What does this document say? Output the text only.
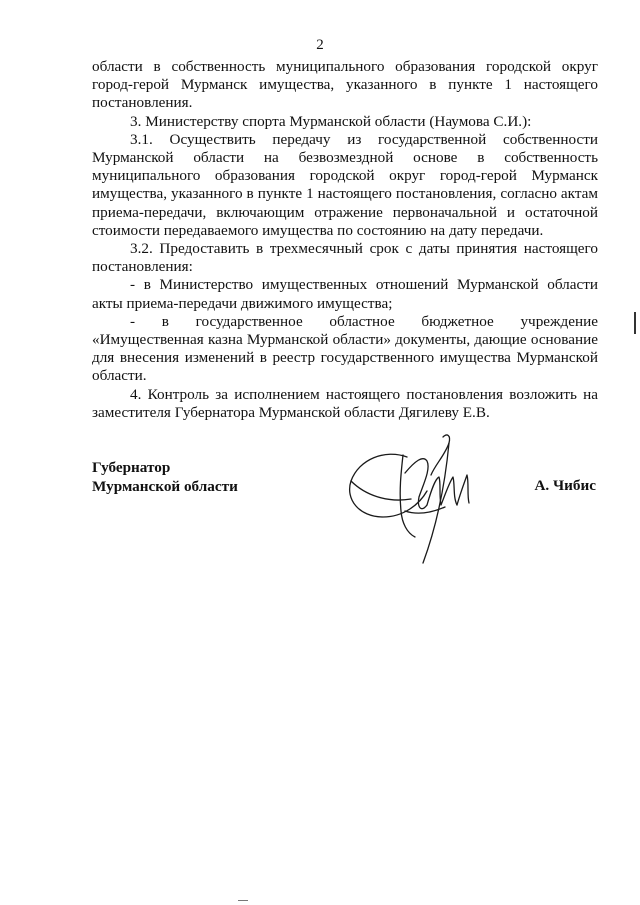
2

области в собственность муниципального образования городской округ город-герой Мурманск имущества, указанного в пункте 1 настоящего постановления.

3. Министерству спорта Мурманской области (Наумова С.И.):

3.1. Осуществить передачу из государственной собственности Мурманской области на безвозмездной основе в собственность муниципального образования городской округ город-герой Мурманск имущества, указанного в пункте 1 настоящего постановления, согласно актам приема-передачи, включающим отражение первоначальной и остаточной стоимости передаваемого имущества по состоянию на дату передачи.

3.2. Предоставить в трехмесячный срок с даты принятия настоящего постановления:

- в Министерство имущественных отношений Мурманской области акты приема-передачи движимого имущества;

- в государственное областное бюджетное учреждение «Имущественная казна Мурманской области» документы, дающие основание для внесения изменений в реестр государственного имущества Мурманской области.

4. Контроль за исполнением настоящего постановления возложить на заместителя Губернатора Мурманской области Дягилеву Е.В.

Губернатор
Мурманской области	А. Чибис
